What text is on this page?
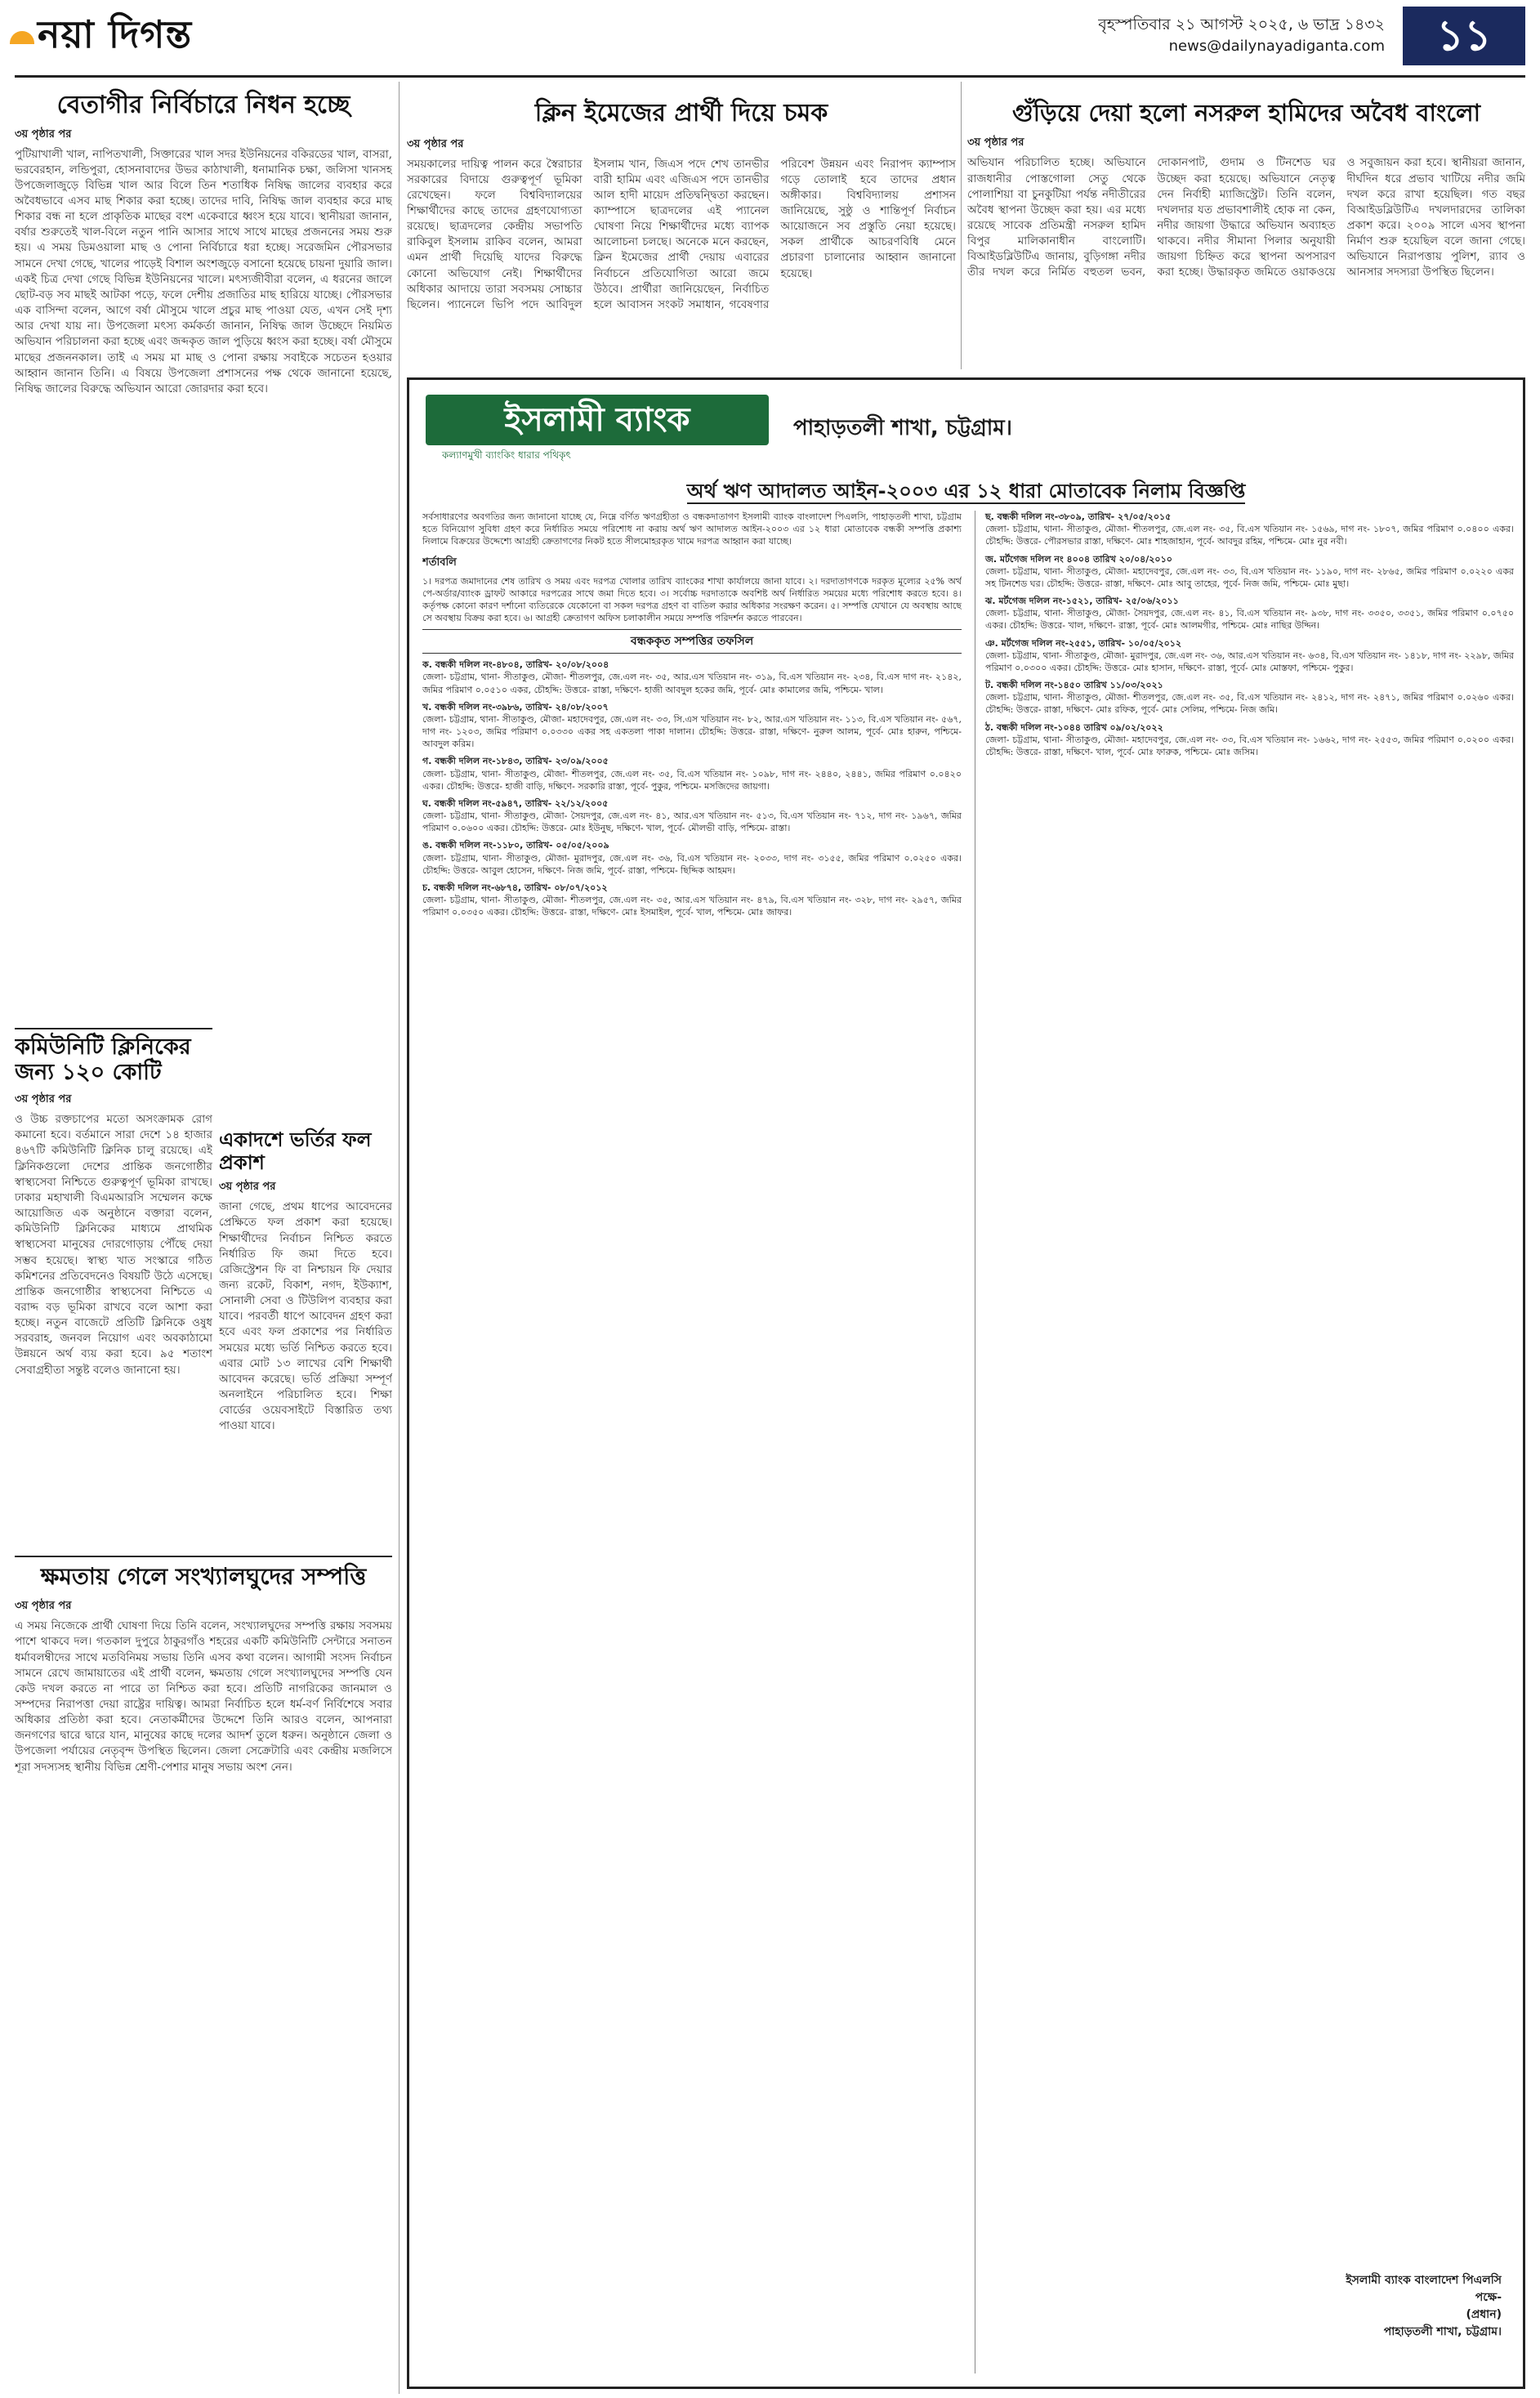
নয়া দিগন্ত	বৃহস্পতিবার ২১ আগস্ট ২০২৫, ৬ ভাদ্র ১৪৩২
news@dailynayadiganta.com	১১
বেতাগীর নির্বিচারে নিধন হচ্ছে
৩য় পৃষ্ঠার পর
পুটিয়াখালী খাল, নাপিতখালী, সিক্তারের খাল সদর ইউনিয়নের বকিরডের খাল, বাসরা, ভরবেরহান, লন্ডিপুরা, হোসনাবাদের উভর কাঠাখালী, ধনামানিক চক্ষা, জলিসা খানসহ উপজেলাজুড়ে বিভিন্ন খাল আর বিলে তিন শতাধিক নিষিদ্ধ জালের ব্যবহার করে অবৈধভাবে এসব মাছ শিকার করা হচ্ছে। তাদের দাবি, নিষিদ্ধ জাল ব্যবহার করে মাছ শিকার বন্ধ না হলে প্রাকৃতিক মাছের বংশ একেবারে ধ্বংস হয়ে যাবে। স্থানীয়রা জানান, বর্ষার শুরুতেই খাল-বিলে নতুন পানি আসার সাথে সাথে মাছের প্রজননের সময় শুরু হয়। এ সময় ডিমওয়ালা মাছ ও পোনা নির্বিচারে ধরা হচ্ছে। সরেজমিন পৌরসভার সামনে দেখা গেছে, খালের পাড়েই বিশাল অংশজুড়ে বসানো হয়েছে চায়না দুয়ারি জাল। একই চিত্র দেখা গেছে বিভিন্ন ইউনিয়নের খালে। মৎস্যজীবীরা বলেন, এ ধরনের জালে ছোট-বড় সব মাছই আটকা পড়ে, ফলে দেশীয় প্রজাতির মাছ হারিয়ে যাচ্ছে। পৌরসভার এক বাসিন্দা বলেন, আগে বর্ষা মৌসুমে খালে প্রচুর মাছ পাওয়া যেত, এখন সেই দৃশ্য আর দেখা যায় না। উপজেলা মৎস্য কর্মকর্তা জানান, নিষিদ্ধ জাল উচ্ছেদে নিয়মিত অভিযান পরিচালনা করা হচ্ছে এবং জব্দকৃত জাল পুড়িয়ে ধ্বংস করা হচ্ছে। বর্ষা মৌসুমে মাছের প্রজননকাল। তাই এ সময় মা মাছ ও পোনা রক্ষায় সবাইকে সচেতন হওয়ার আহ্বান জানান তিনি। এ বিষয়ে উপজেলা প্রশাসনের পক্ষ থেকে জানানো হয়েছে, নিষিদ্ধ জালের বিরুদ্ধে অভিযান আরো জোরদার করা হবে।
কমিউনিটি ক্লিনিকের জন্য ১২০ কোটি
৩য় পৃষ্ঠার পর
ও উচ্চ রক্তচাপের মতো অসংক্রামক রোগ কমানো হবে। বর্তমানে সারা দেশে ১৪ হাজার ৪৬৭টি কমিউনিটি ক্লিনিক চালু রয়েছে। এই ক্লিনিকগুলো দেশের প্রান্তিক জনগোষ্ঠীর স্বাস্থ্যসেবা নিশ্চিতে গুরুত্বপূর্ণ ভূমিকা রাখছে। ঢাকার মহাখালী বিএমআরসি সম্মেলন কক্ষে আয়োজিত এক অনুষ্ঠানে বক্তারা বলেন, কমিউনিটি ক্লিনিকের মাধ্যমে প্রাথমিক স্বাস্থ্যসেবা মানুষের দোরগোড়ায় পৌঁছে দেয়া সম্ভব হয়েছে। স্বাস্থ্য খাত সংস্কারে গঠিত কমিশনের প্রতিবেদনেও বিষয়টি উঠে এসেছে। প্রান্তিক জনগোষ্ঠীর স্বাস্থ্যসেবা নিশ্চিতে এ বরাদ্দ বড় ভূমিকা রাখবে বলে আশা করা হচ্ছে। নতুন বাজেটে প্রতিটি ক্লিনিকে ওষুধ সরবরাহ, জনবল নিয়োগ এবং অবকাঠামো উন্নয়নে অর্থ ব্যয় করা হবে। ৯৫ শতাংশ সেবাগ্রহীতা সন্তুষ্ট বলেও জানানো হয়।
একাদশে ভর্তির ফল প্রকাশ
৩য় পৃষ্ঠার পর
জানা গেছে, প্রথম ধাপের আবেদনের প্রেক্ষিতে ফল প্রকাশ করা হয়েছে। শিক্ষার্থীদের নির্বাচন নিশ্চিত করতে নির্ধারিত ফি জমা দিতে হবে। রেজিস্ট্রেশন ফি বা নিশ্চায়ন ফি দেয়ার জন্য রকেট, বিকাশ, নগদ, ইউক্যাশ, সোনালী সেবা ও টিউলিপ ব্যবহার করা যাবে। পরবর্তী ধাপে আবেদন গ্রহণ করা হবে এবং ফল প্রকাশের পর নির্ধারিত সময়ের মধ্যে ভর্তি নিশ্চিত করতে হবে। এবার মোট ১৩ লাখের বেশি শিক্ষার্থী আবেদন করেছে। ভর্তি প্রক্রিয়া সম্পূর্ণ অনলাইনে পরিচালিত হবে। শিক্ষা বোর্ডের ওয়েবসাইটে বিস্তারিত তথ্য পাওয়া যাবে।
ক্ষমতায় গেলে সংখ্যালঘুদের সম্পত্তি
৩য় পৃষ্ঠার পর
এ সময় নিজেকে প্রার্থী ঘোষণা দিয়ে তিনি বলেন, সংখ্যালঘুদের সম্পত্তি রক্ষায় সবসময় পাশে থাকবে দল। গতকাল দুপুরে ঠাকুরগাঁও শহরের একটি কমিউনিটি সেন্টারে সনাতন ধর্মাবলম্বীদের সাথে মতবিনিময় সভায় তিনি এসব কথা বলেন। আগামী সংসদ নির্বাচন সামনে রেখে জামায়াতের এই প্রার্থী বলেন, ক্ষমতায় গেলে সংখ্যালঘুদের সম্পত্তি যেন কেউ দখল করতে না পারে তা নিশ্চিত করা হবে। প্রতিটি নাগরিকের জানমাল ও সম্পদের নিরাপত্তা দেয়া রাষ্ট্রের দায়িত্ব। আমরা নির্বাচিত হলে ধর্ম-বর্ণ নির্বিশেষে সবার অধিকার প্রতিষ্ঠা করা হবে। নেতাকর্মীদের উদ্দেশে তিনি আরও বলেন, আপনারা জনগণের দ্বারে দ্বারে যান, মানুষের কাছে দলের আদর্শ তুলে ধরুন। অনুষ্ঠানে জেলা ও উপজেলা পর্যায়ের নেতৃবৃন্দ উপস্থিত ছিলেন। জেলা সেক্রেটারি এবং কেন্দ্রীয় মজলিসে শূরা সদস্যসহ স্থানীয় বিভিন্ন শ্রেণী-পেশার মানুষ সভায় অংশ নেন।
ক্লিন ইমেজের প্রার্থী দিয়ে চমক
৩য় পৃষ্ঠার পর
সময়কালের দায়িত্ব পালন করে স্বৈরাচার সরকারের বিদায়ে গুরুত্বপূর্ণ ভূমিকা রেখেছেন। ফলে বিশ্ববিদ্যালয়ের শিক্ষার্থীদের কাছে তাদের গ্রহণযোগ্যতা রয়েছে। ছাত্রদলের কেন্দ্রীয় সভাপতি রাকিবুল ইসলাম রাকিব বলেন, আমরা এমন প্রার্থী দিয়েছি যাদের বিরুদ্ধে কোনো অভিযোগ নেই। শিক্ষার্থীদের অধিকার আদায়ে তারা সবসময় সোচ্চার ছিলেন। প্যানেলে ভিপি পদে আবিদুল ইসলাম খান, জিএস পদে শেখ তানভীর বারী হামিম এবং এজিএস পদে তানভীর আল হাদী মায়েদ প্রতিদ্বন্দ্বিতা করছেন। ক্যাম্পাসে ছাত্রদলের এই প্যানেল ঘোষণা নিয়ে শিক্ষার্থীদের মধ্যে ব্যাপক আলোচনা চলছে। অনেকে মনে করছেন, ক্লিন ইমেজের প্রার্থী দেয়ায় এবারের নির্বাচনে প্রতিযোগিতা আরো জমে উঠবে। প্রার্থীরা জানিয়েছেন, নির্বাচিত হলে আবাসন সংকট সমাধান, গবেষণার পরিবেশ উন্নয়ন এবং নিরাপদ ক্যাম্পাস গড়ে তোলাই হবে তাদের প্রধান অঙ্গীকার। বিশ্ববিদ্যালয় প্রশাসন জানিয়েছে, সুষ্ঠু ও শান্তিপূর্ণ নির্বাচন আয়োজনে সব প্রস্তুতি নেয়া হয়েছে। সকল প্রার্থীকে আচরণবিধি মেনে প্রচারণা চালানোর আহ্বান জানানো হয়েছে।
গুঁড়িয়ে দেয়া হলো নসরুল হামিদের অবৈধ বাংলো
৩য় পৃষ্ঠার পর
অভিযান পরিচালিত হচ্ছে। অভিযানে রাজধানীর পোস্তগোলা সেতু থেকে পোলাশিয়া বা চুনকুটিয়া পর্যন্ত নদীতীরের অবৈধ স্থাপনা উচ্ছেদ করা হয়। এর মধ্যে রয়েছে সাবেক প্রতিমন্ত্রী নসরুল হামিদ বিপুর মালিকানাধীন বাংলোটি। বিআইডব্লিউটিএ জানায়, বুড়িগঙ্গা নদীর তীর দখল করে নির্মিত বহুতল ভবন, দোকানপাট, গুদাম ও টিনশেড ঘর উচ্ছেদ করা হয়েছে। অভিযানে নেতৃত্ব দেন নির্বাহী ম্যাজিস্ট্রেট। তিনি বলেন, দখলদার যত প্রভাবশালীই হোক না কেন, নদীর জায়গা উদ্ধারে অভিযান অব্যাহত থাকবে। নদীর সীমানা পিলার অনুযায়ী জায়গা চিহ্নিত করে স্থাপনা অপসারণ করা হচ্ছে। উদ্ধারকৃত জমিতে ওয়াকওয়ে ও সবুজায়ন করা হবে। স্থানীয়রা জানান, দীর্ঘদিন ধরে প্রভাব খাটিয়ে নদীর জমি দখল করে রাখা হয়েছিল। গত বছর বিআইডব্লিউটিএ দখলদারদের তালিকা প্রকাশ করে। ২০০৯ সালে এসব স্থাপনা নির্মাণ শুরু হয়েছিল বলে জানা গেছে। অভিযানে নিরাপত্তায় পুলিশ, র‍্যাব ও আনসার সদস্যরা উপস্থিত ছিলেন।
ইসলামী ব্যাংক
কল্যাণমুখী ব্যাংকিং ধারার পথিকৃৎ
পাহাড়তলী শাখা, চট্টগ্রাম।
অর্থ ঋণ আদালত আইন-২০০৩ এর ১২ ধারা মোতাবেক নিলাম বিজ্ঞপ্তি
সর্বসাধারণের অবগতির জন্য জানানো যাচ্ছে যে, নিম্নে বর্ণিত ঋণগ্রহীতা ও বন্ধকদাতাগণ ইসলামী ব্যাংক বাংলাদেশ পিএলসি, পাহাড়তলী শাখা, চট্টগ্রাম হতে বিনিয়োগ সুবিধা গ্রহণ করে নির্ধারিত সময়ে পরিশোধ না করায় অর্থ ঋণ আদালত আইন-২০০৩ এর ১২ ধারা মোতাবেক বন্ধকী সম্পত্তি প্রকাশ্য নিলামে বিক্রয়ের উদ্দেশ্যে আগ্রহী ক্রেতাগণের নিকট হতে সীলমোহরকৃত খামে দরপত্র আহ্বান করা যাচ্ছে।
শর্তাবলি
১। দরপত্র জমাদানের শেষ তারিখ ও সময় এবং দরপত্র খোলার তারিখ ব্যাংকের শাখা কার্যালয়ে জানা যাবে। ২। দরদাতাগণকে দরকৃত মূল্যের ২৫% অর্থ পে-অর্ডার/ব্যাংক ড্রাফট আকারে দরপত্রের সাথে জমা দিতে হবে। ৩। সর্বোচ্চ দরদাতাকে অবশিষ্ট অর্থ নির্ধারিত সময়ের মধ্যে পরিশোধ করতে হবে। ৪। কর্তৃপক্ষ কোনো কারণ দর্শানো ব্যতিরেকে যেকোনো বা সকল দরপত্র গ্রহণ বা বাতিল করার অধিকার সংরক্ষণ করেন। ৫। সম্পত্তি যেখানে যে অবস্থায় আছে সে অবস্থায় বিক্রয় করা হবে। ৬। আগ্রহী ক্রেতাগণ অফিস চলাকালীন সময়ে সম্পত্তি পরিদর্শন করতে পারবেন।
বন্ধককৃত সম্পত্তির তফসিল
ক. বন্ধকী দলিল নং-৪৮০৪, তারিখ- ২০/০৮/২০০৪
জেলা- চট্টগ্রাম, থানা- সীতাকুণ্ড, মৌজা- শীতলপুর, জে.এল নং- ৩৫, আর.এস খতিয়ান নং- ৩১৯, বি.এস খতিয়ান নং- ২৩৪, বি.এস দাগ নং- ২১৪২, জমির পরিমাণ ০.০৫১০ একর, চৌহদ্দি: উত্তরে- রাস্তা, দক্ষিণে- হাজী আবদুল হকের জমি, পূর্বে- মোঃ কামালের জমি, পশ্চিমে- খাল।
খ. বন্ধকী দলিল নং-৩৯৮৬, তারিখ- ২৪/০৮/২০০৭
জেলা- চট্টগ্রাম, থানা- সীতাকুণ্ড, মৌজা- মহাদেবপুর, জে.এল নং- ৩৩, সি.এস খতিয়ান নং- ৮২, আর.এস খতিয়ান নং- ১১৩, বি.এস খতিয়ান নং- ৫৬৭, দাগ নং- ১২০৩, জমির পরিমাণ ০.০৩৩০ একর সহ একতলা পাকা দালান। চৌহদ্দি: উত্তরে- রাস্তা, দক্ষিণে- নুরুল আলম, পূর্বে- মোঃ হারুন, পশ্চিমে- আবদুল করিম।
গ. বন্ধকী দলিল নং-১৮৪৩, তারিখ- ২৩/০৯/২০০৫
জেলা- চট্টগ্রাম, থানা- সীতাকুণ্ড, মৌজা- শীতলপুর, জে.এল নং- ৩৫, বি.এস খতিয়ান নং- ১০৯৮, দাগ নং- ২৪৪০, ২৪৪১, জমির পরিমাণ ০.০৪২০ একর। চৌহদ্দি: উত্তরে- হাজী বাড়ি, দক্ষিণে- সরকারি রাস্তা, পূর্বে- পুকুর, পশ্চিমে- মসজিদের জায়গা।
ঘ. বন্ধকী দলিল নং-৫৯৪৭, তারিখ- ২২/১২/২০০৫
জেলা- চট্টগ্রাম, থানা- সীতাকুণ্ড, মৌজা- সৈয়দপুর, জে.এল নং- ৪১, আর.এস খতিয়ান নং- ৫১৩, বি.এস খতিয়ান নং- ৭১২, দাগ নং- ১৯৬৭, জমির পরিমাণ ০.০৬০০ একর। চৌহদ্দি: উত্তরে- মোঃ ইউনুছ, দক্ষিণে- খাল, পূর্বে- মৌলভী বাড়ি, পশ্চিমে- রাস্তা।
ঙ. বন্ধকী দলিল নং-১১৮০, তারিখ- ০৫/০৫/২০০৯
জেলা- চট্টগ্রাম, থানা- সীতাকুণ্ড, মৌজা- মুরাদপুর, জে.এল নং- ৩৬, বি.এস খতিয়ান নং- ২০৩৩, দাগ নং- ৩১৫৫, জমির পরিমাণ ০.০২৫০ একর। চৌহদ্দি: উত্তরে- আবুল হোসেন, দক্ষিণে- নিজ জমি, পূর্বে- রাস্তা, পশ্চিমে- ছিদ্দিক আহমদ।
চ. বন্ধকী দলিল নং-৬৮৭৪, তারিখ- ০৮/০৭/২০১২
জেলা- চট্টগ্রাম, থানা- সীতাকুণ্ড, মৌজা- শীতলপুর, জে.এল নং- ৩৫, আর.এস খতিয়ান নং- ৪৭৯, বি.এস খতিয়ান নং- ৩২৮, দাগ নং- ২৯৫৭, জমির পরিমাণ ০.০৩৫০ একর। চৌহদ্দি: উত্তরে- রাস্তা, দক্ষিণে- মোঃ ইসমাইল, পূর্বে- খাল, পশ্চিমে- মোঃ জাফর।
ছ. বন্ধকী দলিল নং-৩৮০৯, তারিখ- ২৭/০৫/২০১৫
জেলা- চট্টগ্রাম, থানা- সীতাকুণ্ড, মৌজা- শীতলপুর, জে.এল নং- ৩৫, বি.এস খতিয়ান নং- ১৫৬৯, দাগ নং- ১৮০৭, জমির পরিমাণ ০.০৪০০ একর। চৌহদ্দি: উত্তরে- পৌরসভার রাস্তা, দক্ষিণে- মোঃ শাহজাহান, পূর্বে- আবদুর রহিম, পশ্চিমে- মোঃ নুর নবী।
জ. মর্টগেজ দলিল নং ৪০০৪ তারিখ ২০/০৪/২০১০
জেলা- চট্টগ্রাম, থানা- সীতাকুণ্ড, মৌজা- মহাদেবপুর, জে.এল নং- ৩৩, বি.এস খতিয়ান নং- ১১৯০, দাগ নং- ২৮৬৫, জমির পরিমাণ ০.০২২০ একর সহ টিনশেড ঘর। চৌহদ্দি: উত্তরে- রাস্তা, দক্ষিণে- মোঃ আবু তাহের, পূর্বে- নিজ জমি, পশ্চিমে- মোঃ মুছা।
ঝ. মর্টগেজ দলিল নং-১৫২১, তারিখ- ২৫/০৬/২০১১
জেলা- চট্টগ্রাম, থানা- সীতাকুণ্ড, মৌজা- সৈয়দপুর, জে.এল নং- ৪১, বি.এস খতিয়ান নং- ৯৩৮, দাগ নং- ৩৩৫০, ৩৩৫১, জমির পরিমাণ ০.০৭৫০ একর। চৌহদ্দি: উত্তরে- খাল, দক্ষিণে- রাস্তা, পূর্বে- মোঃ আলমগীর, পশ্চিমে- মোঃ নাছির উদ্দিন।
ঞ. মর্টগেজ দলিল নং-২৫৫১, তারিখ- ১০/০৫/২০১২
জেলা- চট্টগ্রাম, থানা- সীতাকুণ্ড, মৌজা- মুরাদপুর, জে.এল নং- ৩৬, আর.এস খতিয়ান নং- ৬৩৪, বি.এস খতিয়ান নং- ১৪১৮, দাগ নং- ২২৯৮, জমির পরিমাণ ০.০৩০০ একর। চৌহদ্দি: উত্তরে- মোঃ হাসান, দক্ষিণে- রাস্তা, পূর্বে- মোঃ মোস্তফা, পশ্চিমে- পুকুর।
ট. বন্ধকী দলিল নং-১৪৫০ তারিখ ১১/০৩/২০২১
জেলা- চট্টগ্রাম, থানা- সীতাকুণ্ড, মৌজা- শীতলপুর, জে.এল নং- ৩৫, বি.এস খতিয়ান নং- ২৪১২, দাগ নং- ২৪৭১, জমির পরিমাণ ০.০২৬০ একর। চৌহদ্দি: উত্তরে- রাস্তা, দক্ষিণে- মোঃ রফিক, পূর্বে- মোঃ সেলিম, পশ্চিমে- নিজ জমি।
ঠ. বন্ধকী দলিল নং-১০৪৪ তারিখ ০৯/০২/২০২২
জেলা- চট্টগ্রাম, থানা- সীতাকুণ্ড, মৌজা- মহাদেবপুর, জে.এল নং- ৩৩, বি.এস খতিয়ান নং- ১৬৬২, দাগ নং- ২৫৫৩, জমির পরিমাণ ০.০২০০ একর। চৌহদ্দি: উত্তরে- রাস্তা, দক্ষিণে- খাল, পূর্বে- মোঃ ফারুক, পশ্চিমে- মোঃ জসিম।
ইসলামী ব্যাংক বাংলাদেশ পিএলসি
পক্ষে-
(প্রধান)
পাহাড়তলী শাখা, চট্টগ্রাম।
